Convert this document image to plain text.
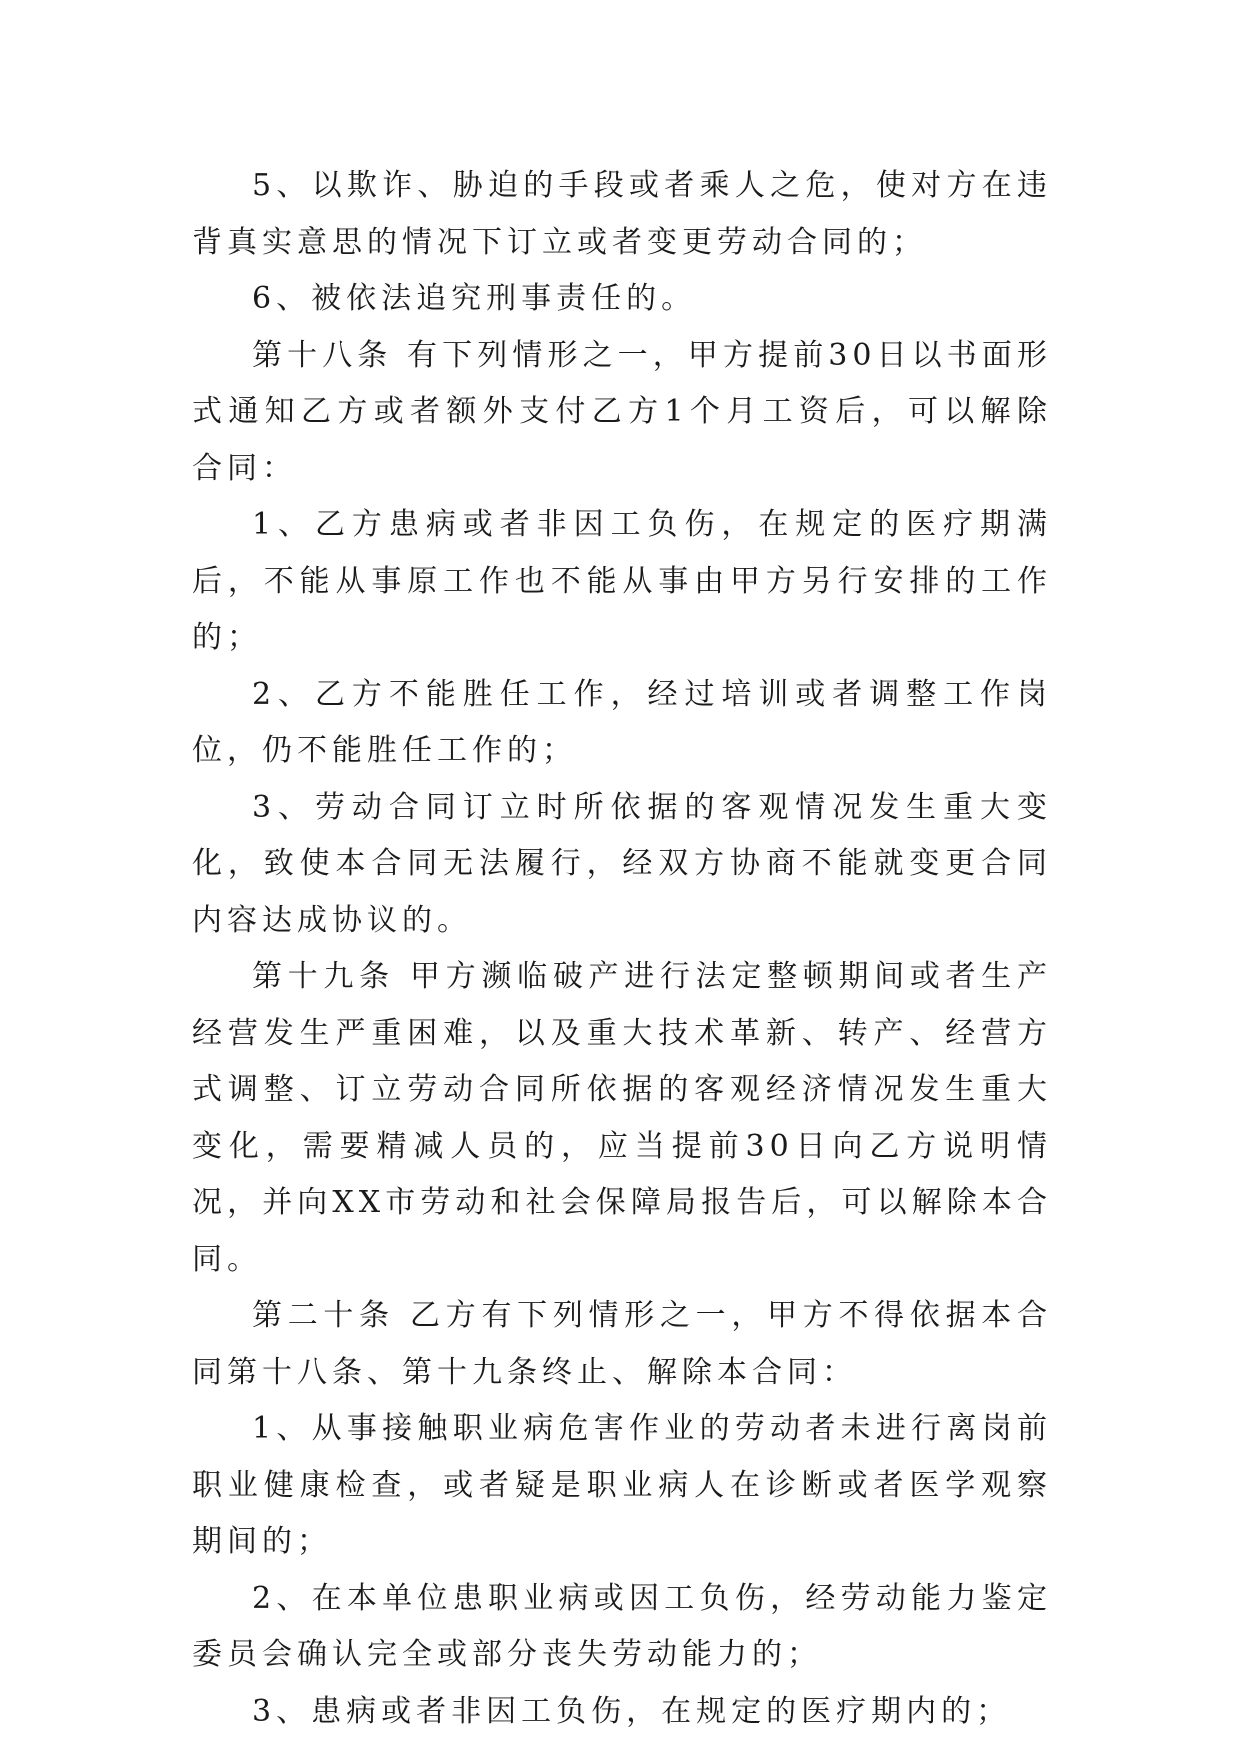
5、以欺诈、胁迫的手段或者乘人之危，使对方在违背真实意思的情况下订立或者变更劳动合同的；

6、被依法追究刑事责任的。

第十八条 有下列情形之一，甲方提前30日以书面形式通知乙方或者额外支付乙方1个月工资后，可以解除合同：

1、乙方患病或者非因工负伤，在规定的医疗期满后，不能从事原工作也不能从事由甲方另行安排的工作的；

2、乙方不能胜任工作，经过培训或者调整工作岗位，仍不能胜任工作的；

3、劳动合同订立时所依据的客观情况发生重大变化，致使本合同无法履行，经双方协商不能就变更合同内容达成协议的。

第十九条 甲方濒临破产进行法定整顿期间或者生产经营发生严重困难，以及重大技术革新、转产、经营方式调整、订立劳动合同所依据的客观经济情况发生重大变化，需要精减人员的，应当提前30日向乙方说明情况，并向XX市劳动和社会保障局报告后，可以解除本合同。

第二十条 乙方有下列情形之一，甲方不得依据本合同第十八条、第十九条终止、解除本合同：

1、从事接触职业病危害作业的劳动者未进行离岗前职业健康检查，或者疑是职业病人在诊断或者医学观察期间的；

2、在本单位患职业病或因工负伤，经劳动能力鉴定委员会确认完全或部分丧失劳动能力的；

3、患病或者非因工负伤，在规定的医疗期内的；
